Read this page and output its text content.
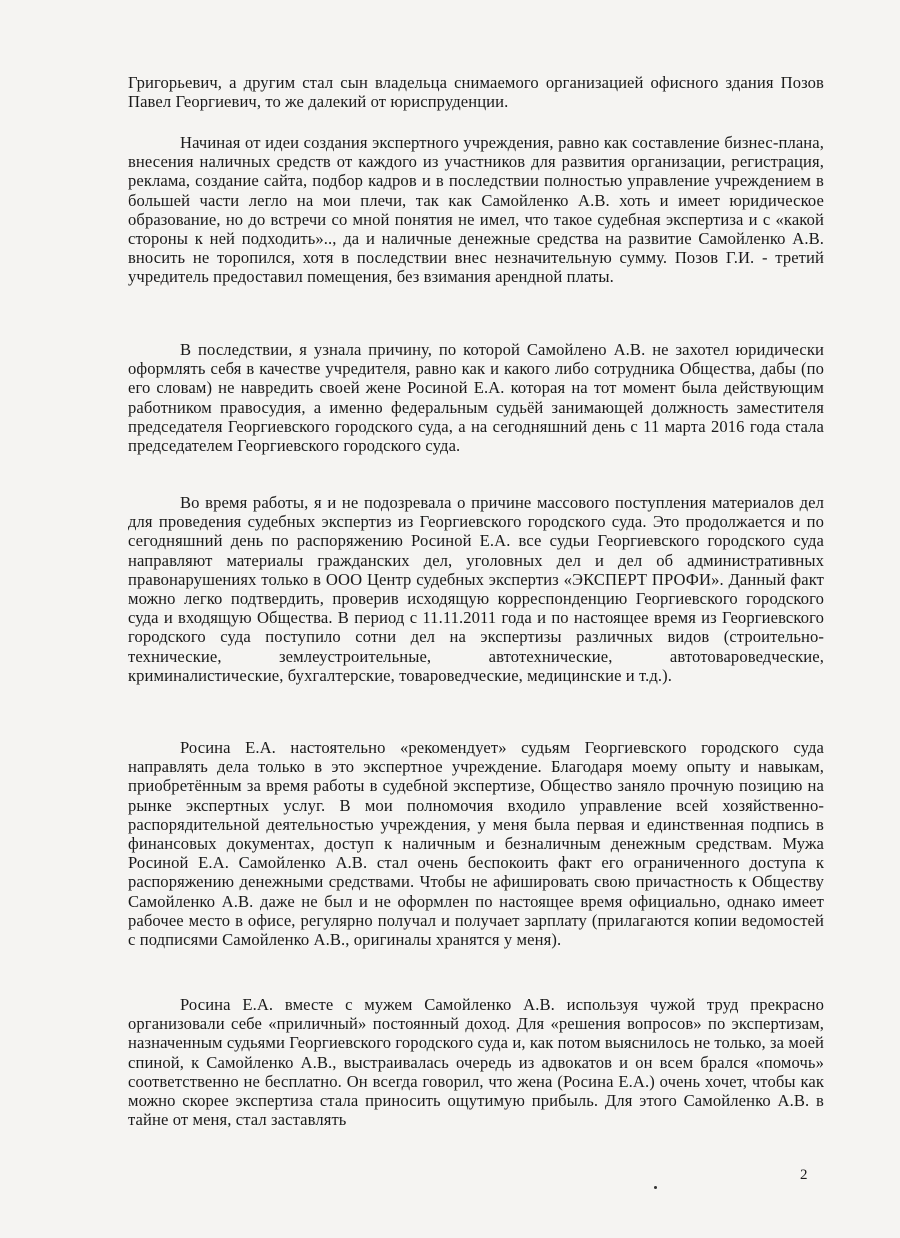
Григорьевич, а другим стал сын владельца снимаемого организацией офисного здания Позов Павел Георгиевич, то же далекий от юриспруденции.

Начиная от идеи создания экспертного учреждения, равно как составление бизнес-плана, внесения наличных средств от каждого из участников для развития организации, регистрация, реклама, создание сайта, подбор кадров и в последствии полностью управление учреждением в большей части легло на мои плечи, так как Самойленко А.В. хоть и имеет юридическое образование, но до встречи со мной понятия не имел, что такое судебная экспертиза и с «какой стороны к ней подходить».., да и наличные денежные средства на развитие Самойленко А.В. вносить не торопился, хотя в последствии внес незначительную сумму. Позов Г.И. - третий учредитель предоставил помещения, без взимания арендной платы.

В последствии, я узнала причину, по которой Самойлено А.В. не захотел юридически оформлять себя в качестве учредителя, равно как и какого либо сотрудника Общества, дабы (по его словам) не навредить своей жене Росиной Е.А. которая на тот момент была действующим работником правосудия, а именно федеральным судьёй занимающей должность заместителя председателя Георгиевского городского суда, а на сегодняшний день с 11 марта 2016 года стала председателем Георгиевского городского суда.

Во время работы, я и не подозревала о причине массового поступления материалов дел для проведения судебных экспертиз из Георгиевского городского суда. Это продолжается и по сегодняшний день по распоряжению Росиной Е.А. все судьи Георгиевского городского суда направляют материалы гражданских дел, уголовных дел и дел об административных правонарушениях только в ООО Центр судебных экспертиз «ЭКСПЕРТ ПРОФИ». Данный факт можно легко подтвердить, проверив исходящую корреспонденцию Георгиевского городского суда и входящую Общества. В период с 11.11.2011 года и по настоящее время из Георгиевского городского суда поступило сотни дел на экспертизы различных видов (строительно-технические, землеустроительные, автотехнические, автотовароведческие, криминалистические, бухгалтерские, товароведческие, медицинские и т.д.).

Росина Е.А. настоятельно «рекомендует» судьям Георгиевского городского суда направлять дела только в это экспертное учреждение. Благодаря моему опыту и навыкам, приобретённым за время работы в судебной экспертизе, Общество заняло прочную позицию на рынке экспертных услуг. В мои полномочия входило управление всей хозяйственно-распорядительной деятельностью учреждения, у меня была первая и единственная подпись в финансовых документах, доступ к наличным и безналичным денежным средствам. Мужа Росиной Е.А. Самойленко А.В. стал очень беспокоить факт его ограниченного доступа к распоряжению денежными средствами. Чтобы не афишировать свою причастность к Обществу Самойленко А.В. даже не был и не оформлен по настоящее время официально, однако имеет рабочее место в офисе, регулярно получал и получает зарплату (прилагаются копии ведомостей с подписями Самойленко А.В., оригиналы хранятся у меня).

Росина Е.А. вместе с мужем Самойленко А.В. используя чужой труд прекрасно организовали себе «приличный» постоянный доход. Для «решения вопросов» по экспертизам, назначенным судьями Георгиевского городского суда и, как потом выяснилось не только, за моей спиной, к Самойленко А.В., выстраивалась очередь из адвокатов и он всем брался «помочь» соответственно не бесплатно. Он всегда говорил, что жена (Росина Е.А.) очень хочет, чтобы как можно скорее экспертиза стала приносить ощутимую прибыль. Для этого Самойленко А.В. в тайне от меня, стал заставлять

2
